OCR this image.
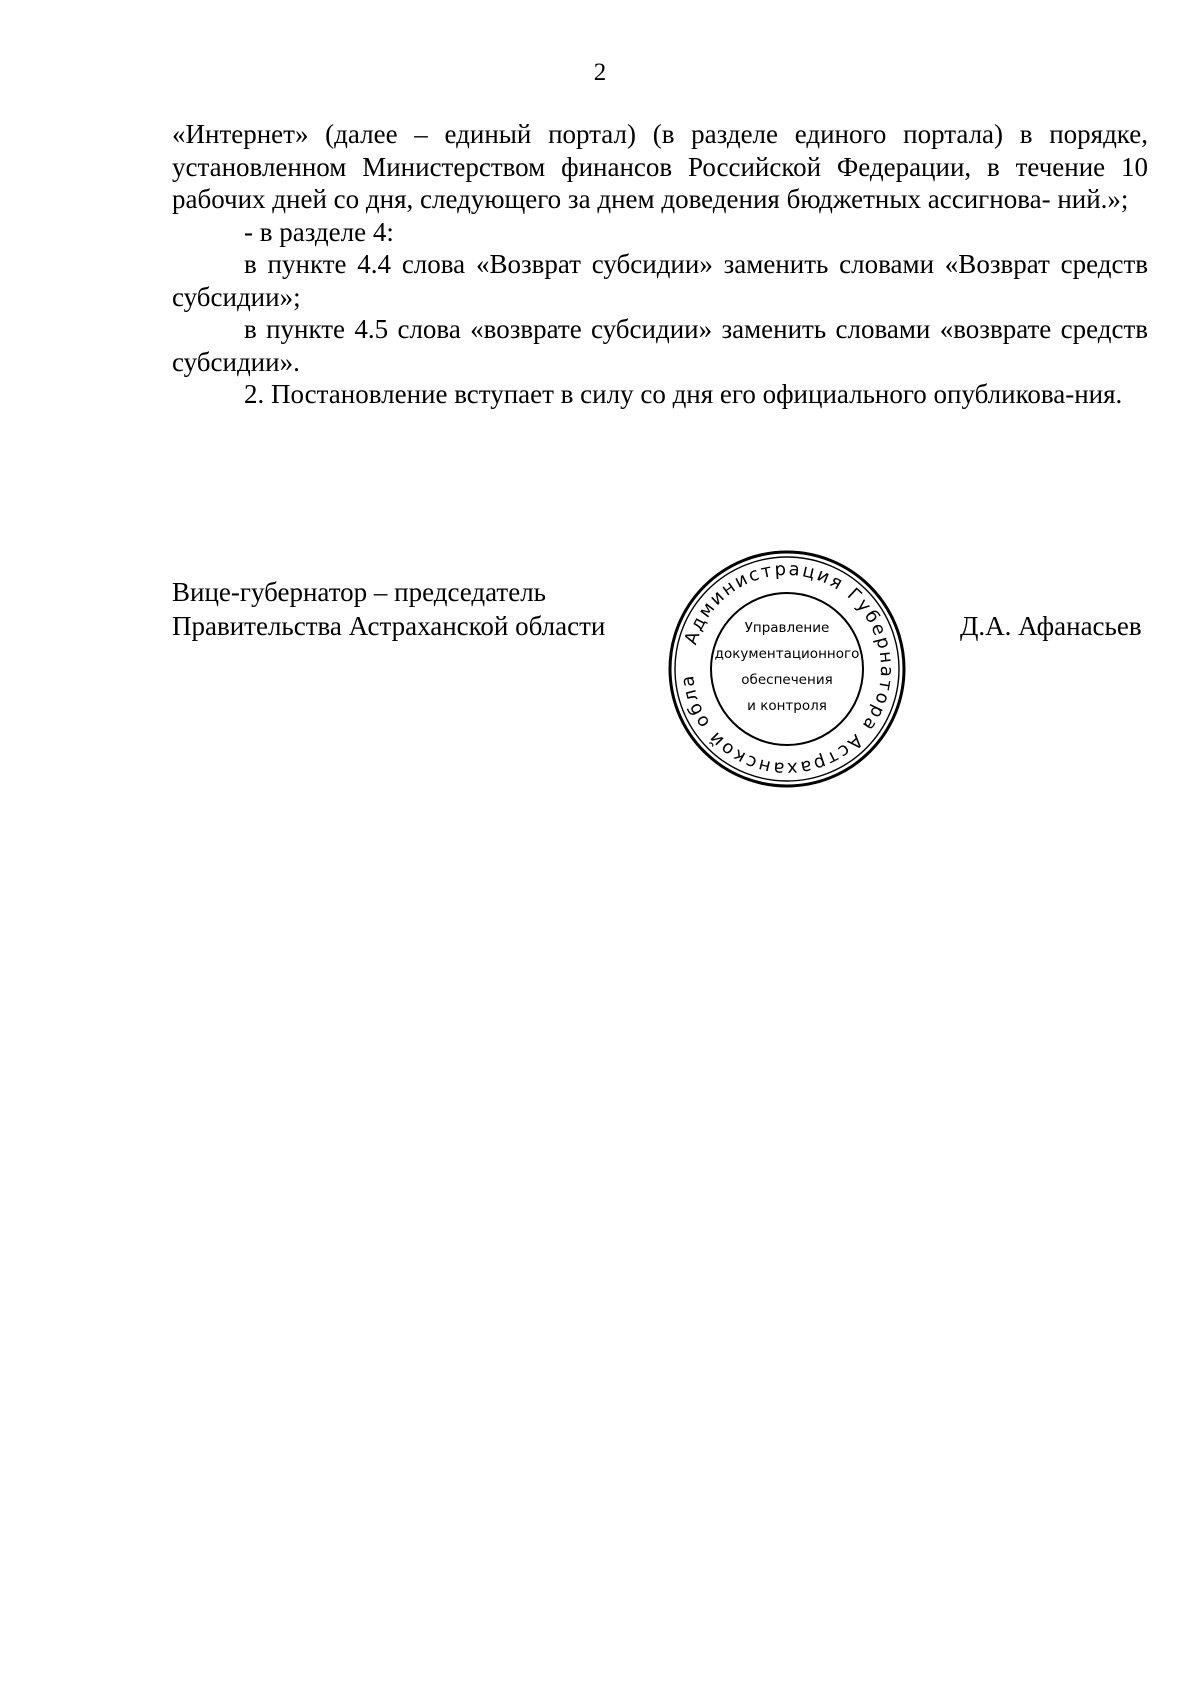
2

«Интернет» (далее – единый портал) (в разделе единого портала) в порядке, установленном Министерством финансов Российской Федерации, в течение 10 рабочих дней со дня, следующего за днем доведения бюджетных ассигнова- ний.»;

- в разделе 4:

в пункте 4.4 слова «Возврат субсидии» заменить словами «Возврат средств субсидии»;

в пункте 4.5 слова «возврате субсидии» заменить словами «возврате средств субсидии».

2. Постановление вступает в силу со дня его официального опубликова-ния.

Вице-губернатор – председатель
Правительства Астраханской области	Д.А. Афанасьев
Администрация Губернатора Астраханской обла
Управление
документационного
обеспечения
и контроля
